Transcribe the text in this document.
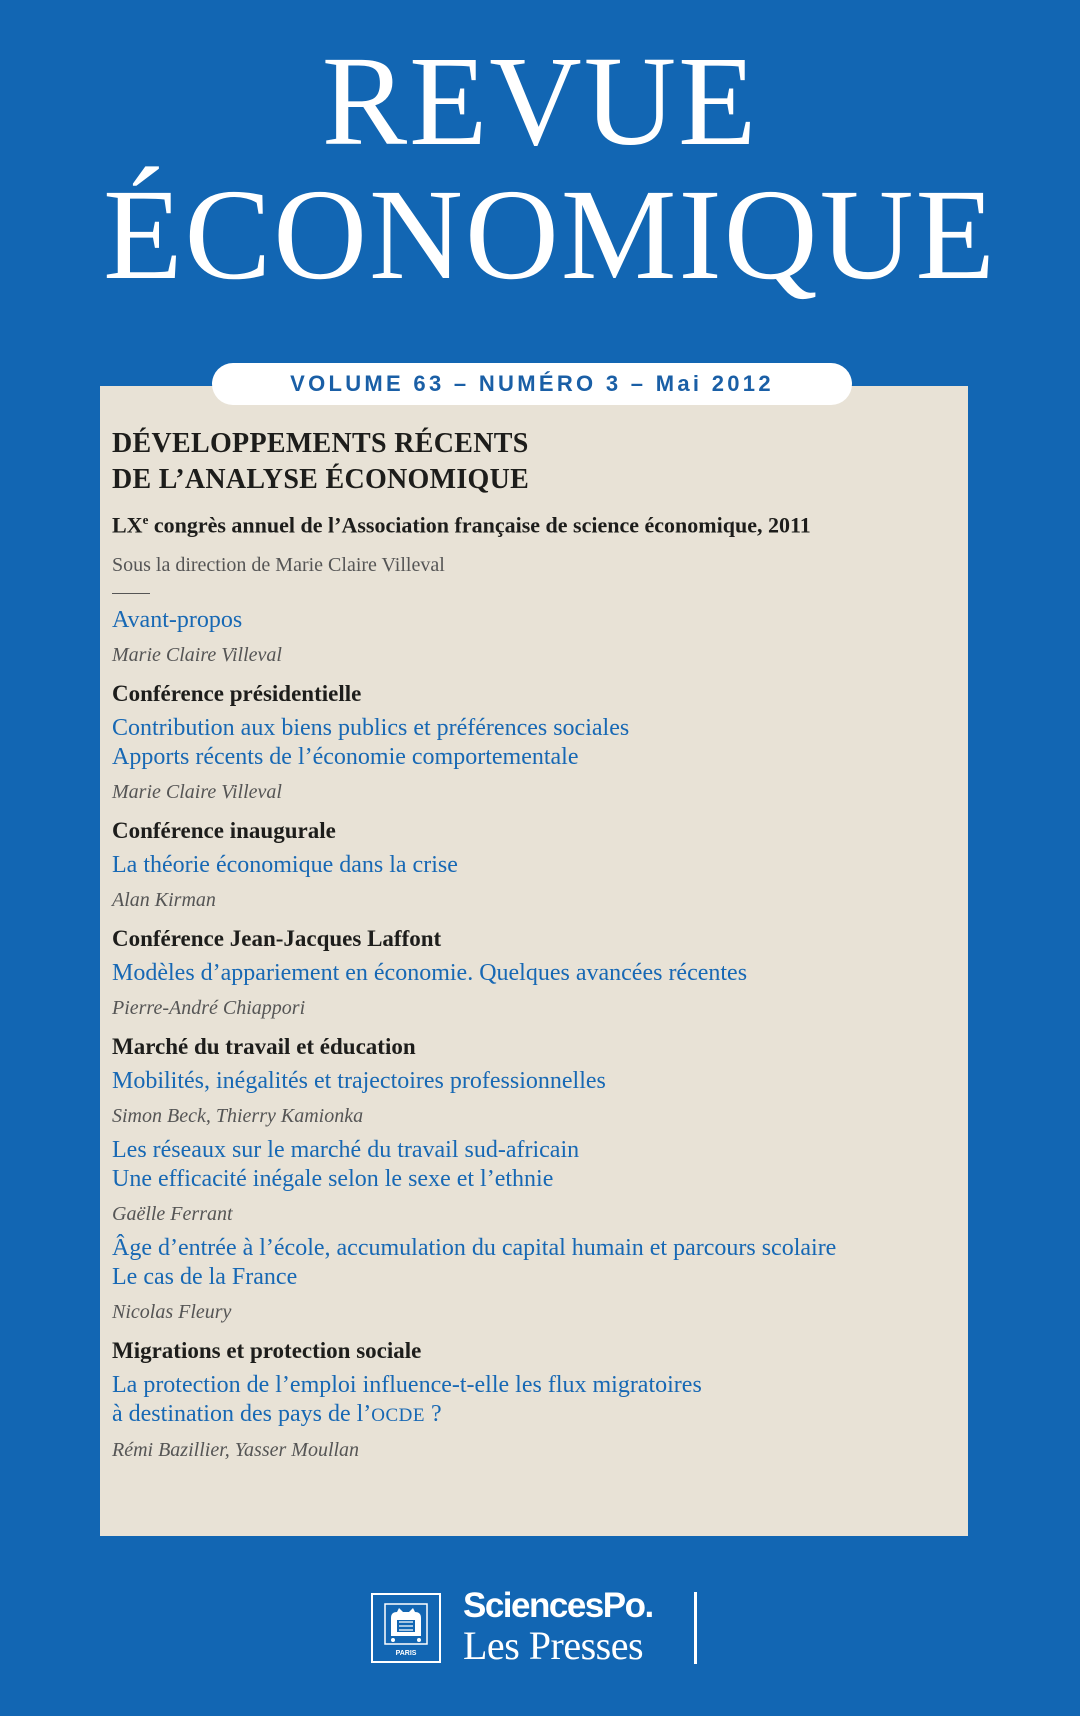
REVUE
ÉCONOMIQUE
VOLUME 63 – NUMÉRO 3 – Mai 2012
DÉVELOPPEMENTS RÉCENTS
DE L’ANALYSE ÉCONOMIQUE
LXe congrès annuel de l’Association française de science économique, 2011
Sous la direction de Marie Claire Villeval
Avant-propos
Marie Claire Villeval
Conférence présidentielle
Contribution aux biens publics et préférences sociales
Apports récents de l’économie comportementale
Marie Claire Villeval
Conférence inaugurale
La théorie économique dans la crise
Alan Kirman
Conférence Jean-Jacques Laffont
Modèles d’appariement en économie. Quelques avancées récentes
Pierre-André Chiappori
Marché du travail et éducation
Mobilités, inégalités et trajectoires professionnelles
Simon Beck, Thierry Kamionka
Les réseaux sur le marché du travail sud-africain
Une efficacité inégale selon le sexe et l’ethnie
Gaëlle Ferrant
Âge d’entrée à l’école, accumulation du capital humain et parcours scolaire
Le cas de la France
Nicolas Fleury
Migrations et protection sociale
La protection de l’emploi influence-t-elle les flux migratoires
à destination des pays de l’OCDE ?
Rémi Bazillier, Yasser Moullan
PARIS
SciencesPo.
Les Presses
